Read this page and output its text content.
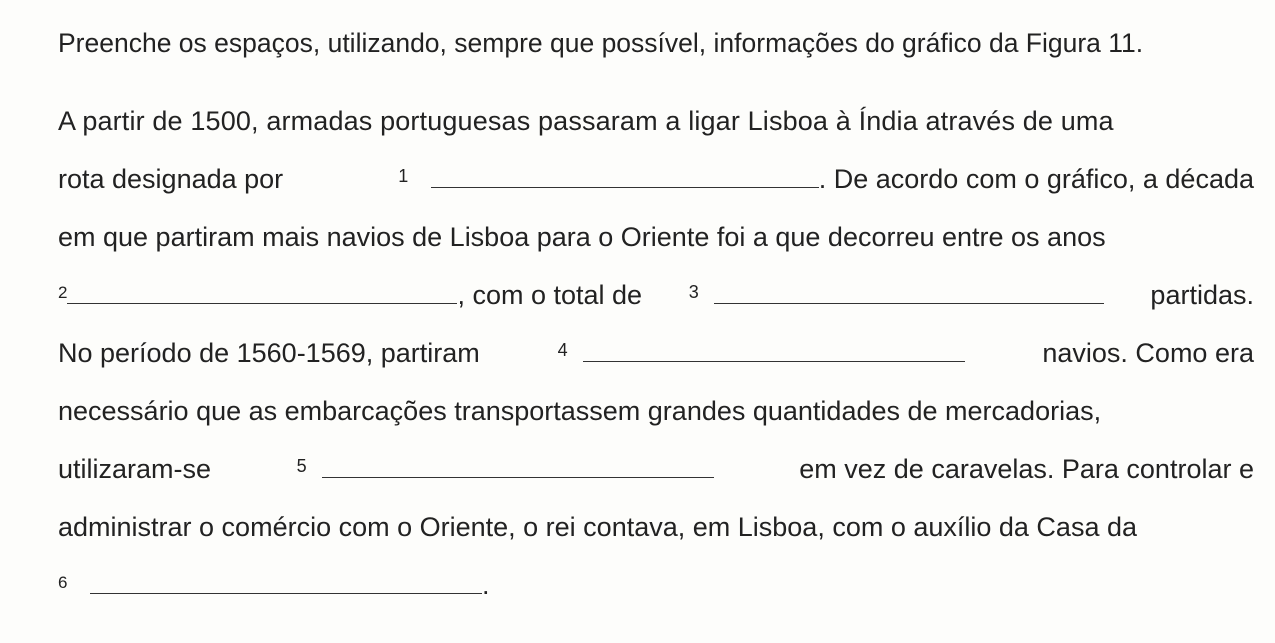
Preenche os espaços, utilizando, sempre que possível, informações do gráfico da Figura 11.
A partir de 1500, armadas portuguesas passaram a ligar Lisboa à Índia através de uma
rota designada por	$^1$	. De acordo com o gráfico, a década
em que partiram mais navios de Lisboa para o Oriente foi a que decorreu entre os anos
$^2$	, com o total de	$^3$	partidas.
No período de 1560-1569, partiram	$^4$	navios. Como era
necessário que as embarcações transportassem grandes quantidades de mercadorias,
utilizaram-se	$^5$	em vez de caravelas. Para controlar e
administrar o comércio com o Oriente, o rei contava, em Lisboa, com o auxílio da Casa da
$^6$
	.
